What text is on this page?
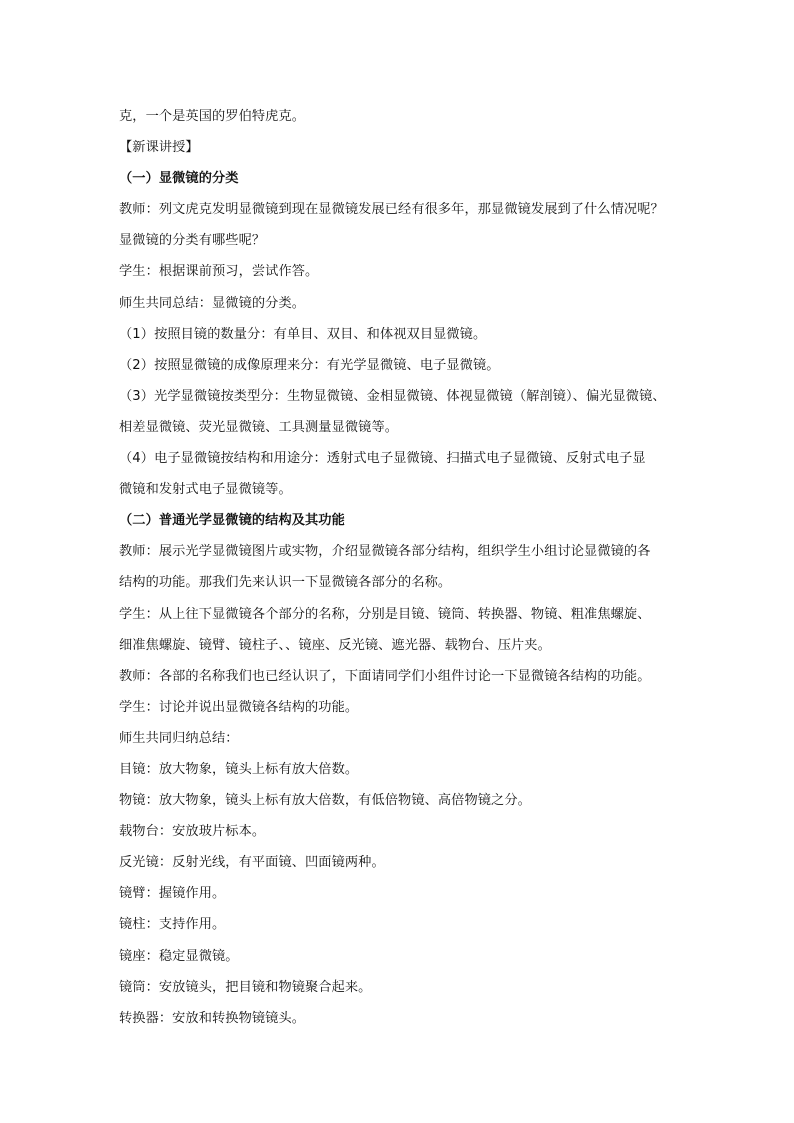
克，一个是英国的罗伯特虎克。
【新课讲授】
（一）显微镜的分类
教师：列文虎克发明显微镜到现在显微镜发展已经有很多年，那显微镜发展到了什么情况呢？
显微镜的分类有哪些呢？
学生：根据课前预习，尝试作答。
师生共同总结：显微镜的分类。
（1）按照目镜的数量分：有单目、双目、和体视双目显微镜。
（2）按照显微镜的成像原理来分：有光学显微镜、电子显微镜。
（3）光学显微镜按类型分：生物显微镜、金相显微镜、体视显微镜（解剖镜）、偏光显微镜、
相差显微镜、荧光显微镜、工具测量显微镜等。
（4）电子显微镜按结构和用途分：透射式电子显微镜、扫描式电子显微镜、反射式电子显
微镜和发射式电子显微镜等。
（二）普通光学显微镜的结构及其功能
教师：展示光学显微镜图片或实物，介绍显微镜各部分结构，组织学生小组讨论显微镜的各
结构的功能。那我们先来认识一下显微镜各部分的名称。
学生：从上往下显微镜各个部分的名称，分别是目镜、镜筒、转换器、物镜、粗准焦螺旋、
细准焦螺旋、镜臂、镜柱子、、镜座、反光镜、遮光器、载物台、压片夹。
教师：各部的名称我们也已经认识了，下面请同学们小组件讨论一下显微镜各结构的功能。
学生：讨论并说出显微镜各结构的功能。
师生共同归纳总结：
目镜：放大物象，镜头上标有放大倍数。
物镜：放大物象，镜头上标有放大倍数，有低倍物镜、高倍物镜之分。
载物台：安放玻片标本。
反光镜：反射光线，有平面镜、凹面镜两种。
镜臂：握镜作用。
镜柱：支持作用。
镜座：稳定显微镜。
镜筒：安放镜头，把目镜和物镜聚合起来。
转换器：安放和转换物镜镜头。
